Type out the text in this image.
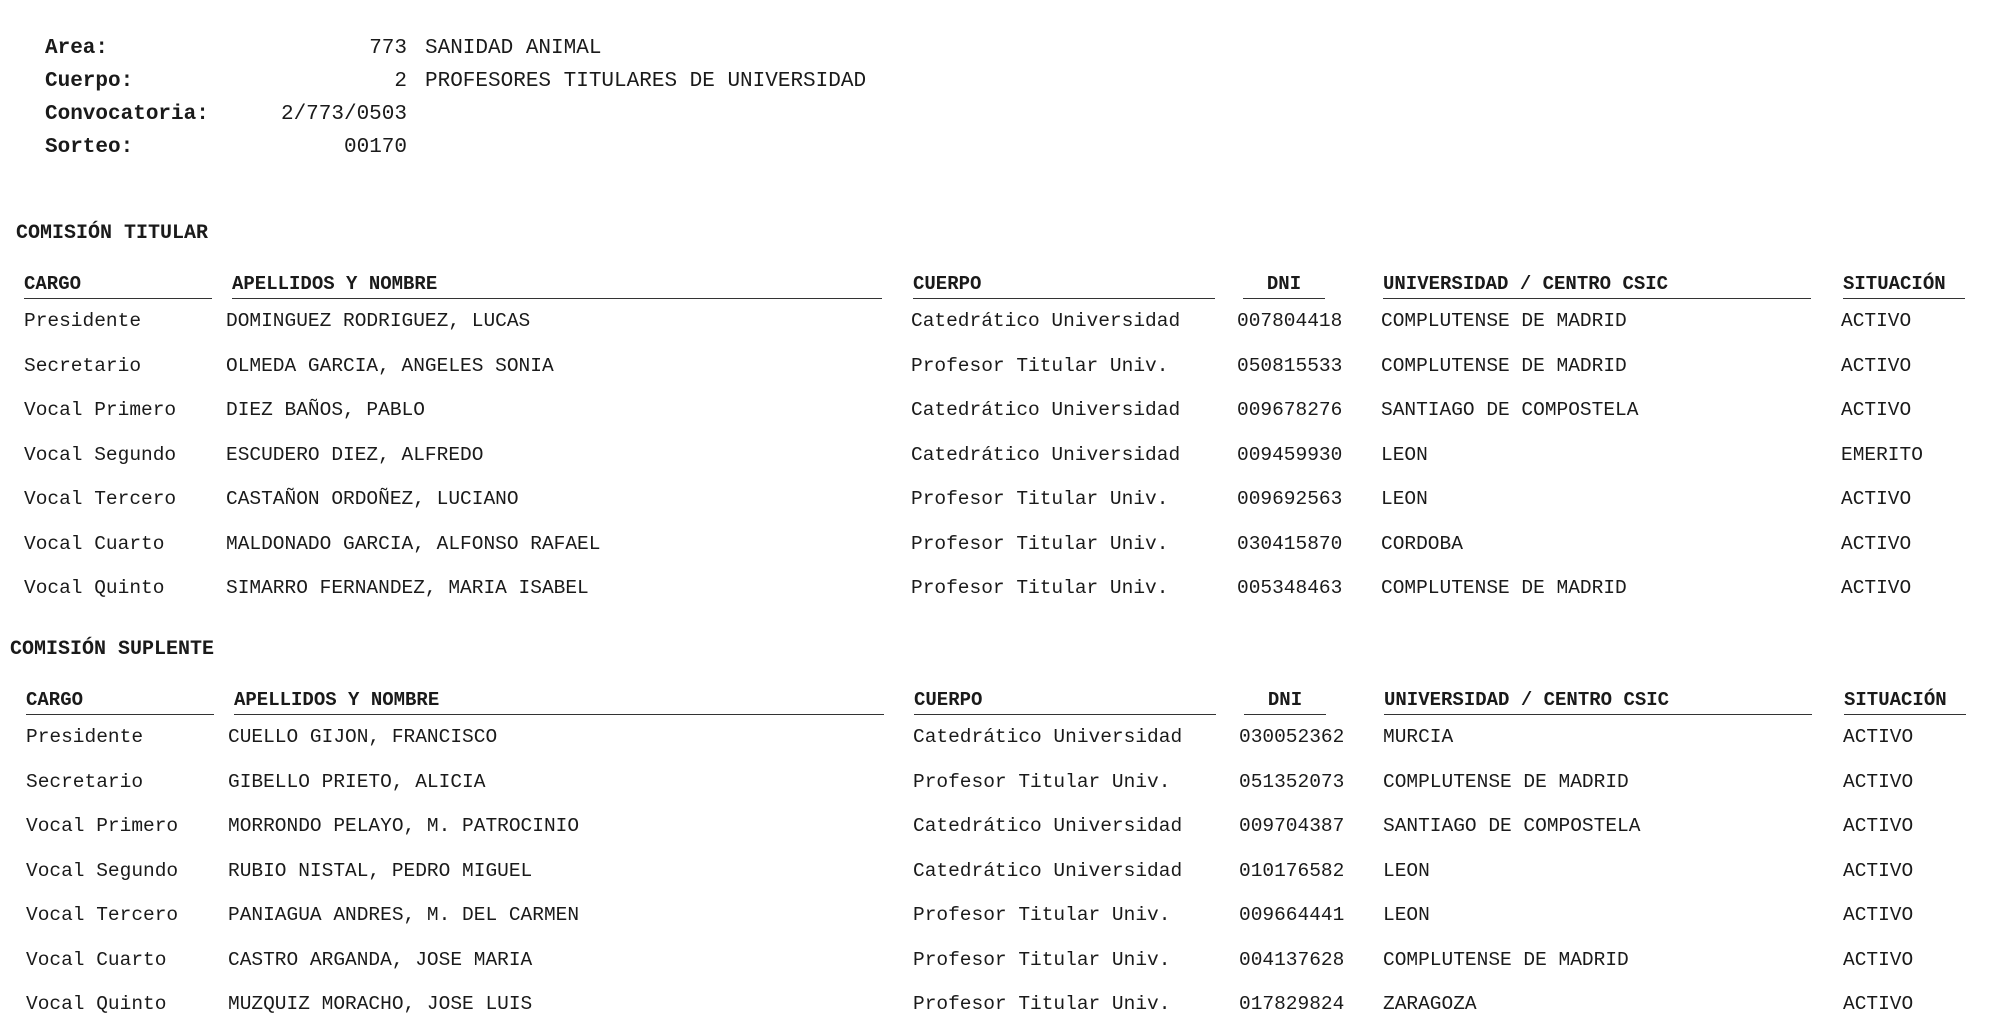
Area:	773 SANIDAD ANIMAL
Cuerpo:	2 PROFESORES TITULARES DE UNIVERSIDAD
Convocatoria:	2/773/0503
Sorteo:	00170
COMISIÓN TITULAR
CARGO	APELLIDOS Y NOMBRE	CUERPO	DNI	UNIVERSIDAD / CENTRO CSIC	SITUACIÓN
Presidente	DOMINGUEZ RODRIGUEZ, LUCAS	Catedrático Universidad	007804418 COMPLUTENSE DE MADRID	ACTIVO
Secretario	OLMEDA GARCIA, ANGELES SONIA	Profesor Titular Univ.	050815533 COMPLUTENSE DE MADRID	ACTIVO
Vocal Primero	DIEZ BAÑOS, PABLO	Catedrático Universidad	009678276 SANTIAGO DE COMPOSTELA	ACTIVO
Vocal Segundo	ESCUDERO DIEZ, ALFREDO	Catedrático Universidad	009459930 LEON	EMERITO
Vocal Tercero	CASTAÑON ORDOÑEZ, LUCIANO	Profesor Titular Univ.	009692563 LEON	ACTIVO
Vocal Cuarto	MALDONADO GARCIA, ALFONSO RAFAEL	Profesor Titular Univ.	030415870 CORDOBA	ACTIVO
Vocal Quinto	SIMARRO FERNANDEZ, MARIA ISABEL	Profesor Titular Univ.	005348463 COMPLUTENSE DE MADRID	ACTIVO
COMISIÓN SUPLENTE
CARGO	APELLIDOS Y NOMBRE	CUERPO	DNI	UNIVERSIDAD / CENTRO CSIC	SITUACIÓN
Presidente	CUELLO GIJON, FRANCISCO	Catedrático Universidad	030052362 MURCIA	ACTIVO
Secretario	GIBELLO PRIETO, ALICIA	Profesor Titular Univ.	051352073 COMPLUTENSE DE MADRID	ACTIVO
Vocal Primero	MORRONDO PELAYO, M. PATROCINIO	Catedrático Universidad	009704387 SANTIAGO DE COMPOSTELA	ACTIVO
Vocal Segundo	RUBIO NISTAL, PEDRO MIGUEL	Catedrático Universidad	010176582 LEON	ACTIVO
Vocal Tercero	PANIAGUA ANDRES, M. DEL CARMEN	Profesor Titular Univ.	009664441 LEON	ACTIVO
Vocal Cuarto	CASTRO ARGANDA, JOSE MARIA	Profesor Titular Univ.	004137628 COMPLUTENSE DE MADRID	ACTIVO
Vocal Quinto	MUZQUIZ MORACHO, JOSE LUIS	Profesor Titular Univ.	017829824 ZARAGOZA	ACTIVO
